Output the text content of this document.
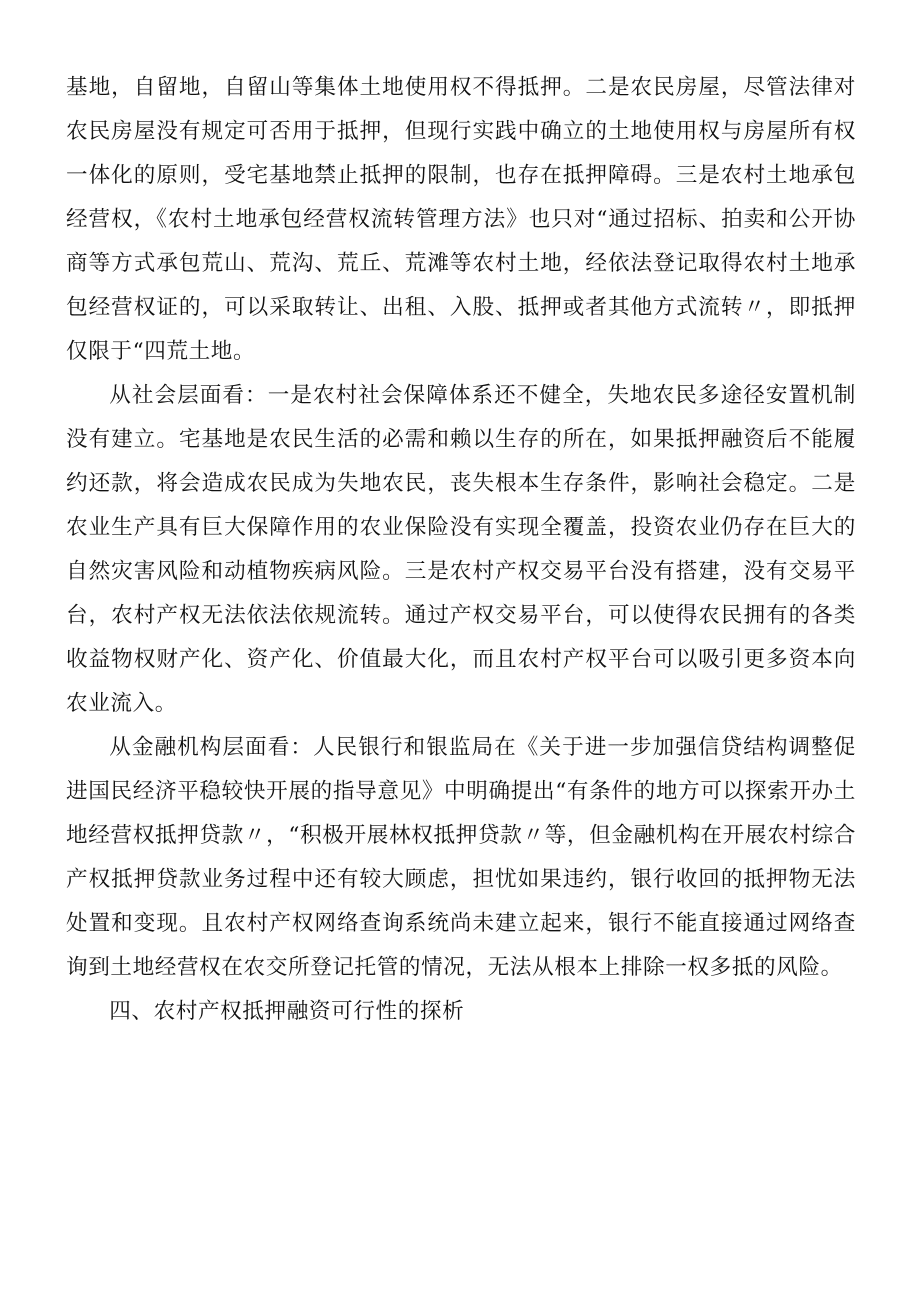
基地，自留地，自留山等集体土地使用权不得抵押。二是农民房屋，尽管法律对农民房屋没有规定可否用于抵押，但现行实践中确立的土地使用权与房屋所有权一体化的原则，受宅基地禁止抵押的限制，也存在抵押障碍。三是农村土地承包经营权，《农村土地承包经营权流转管理方法》也只对“通过招标、拍卖和公开协商等方式承包荒山、荒沟、荒丘、荒滩等农村土地，经依法登记取得农村土地承包经营权证的，可以采取转让、出租、入股、抵押或者其他方式流转〃，即抵押仅限于“四荒土地。

从社会层面看：一是农村社会保障体系还不健全，失地农民多途径安置机制没有建立。宅基地是农民生活的必需和赖以生存的所在，如果抵押融资后不能履约还款，将会造成农民成为失地农民，丧失根本生存条件，影响社会稳定。二是农业生产具有巨大保障作用的农业保险没有实现全覆盖，投资农业仍存在巨大的自然灾害风险和动植物疾病风险。三是农村产权交易平台没有搭建，没有交易平台，农村产权无法依法依规流转。通过产权交易平台，可以使得农民拥有的各类收益物权财产化、资产化、价值最大化，而且农村产权平台可以吸引更多资本向农业流入。

从金融机构层面看：人民银行和银监局在《关于进一步加强信贷结构调整促进国民经济平稳较快开展的指导意见》中明确提出“有条件的地方可以探索开办土地经营权抵押贷款〃，“积极开展林权抵押贷款〃等，但金融机构在开展农村综合产权抵押贷款业务过程中还有较大顾虑，担忧如果违约，银行收回的抵押物无法处置和变现。且农村产权网络查询系统尚未建立起来，银行不能直接通过网络查询到土地经营权在农交所登记托管的情况，无法从根本上排除一权多抵的风险。

四、农村产权抵押融资可行性的探析
